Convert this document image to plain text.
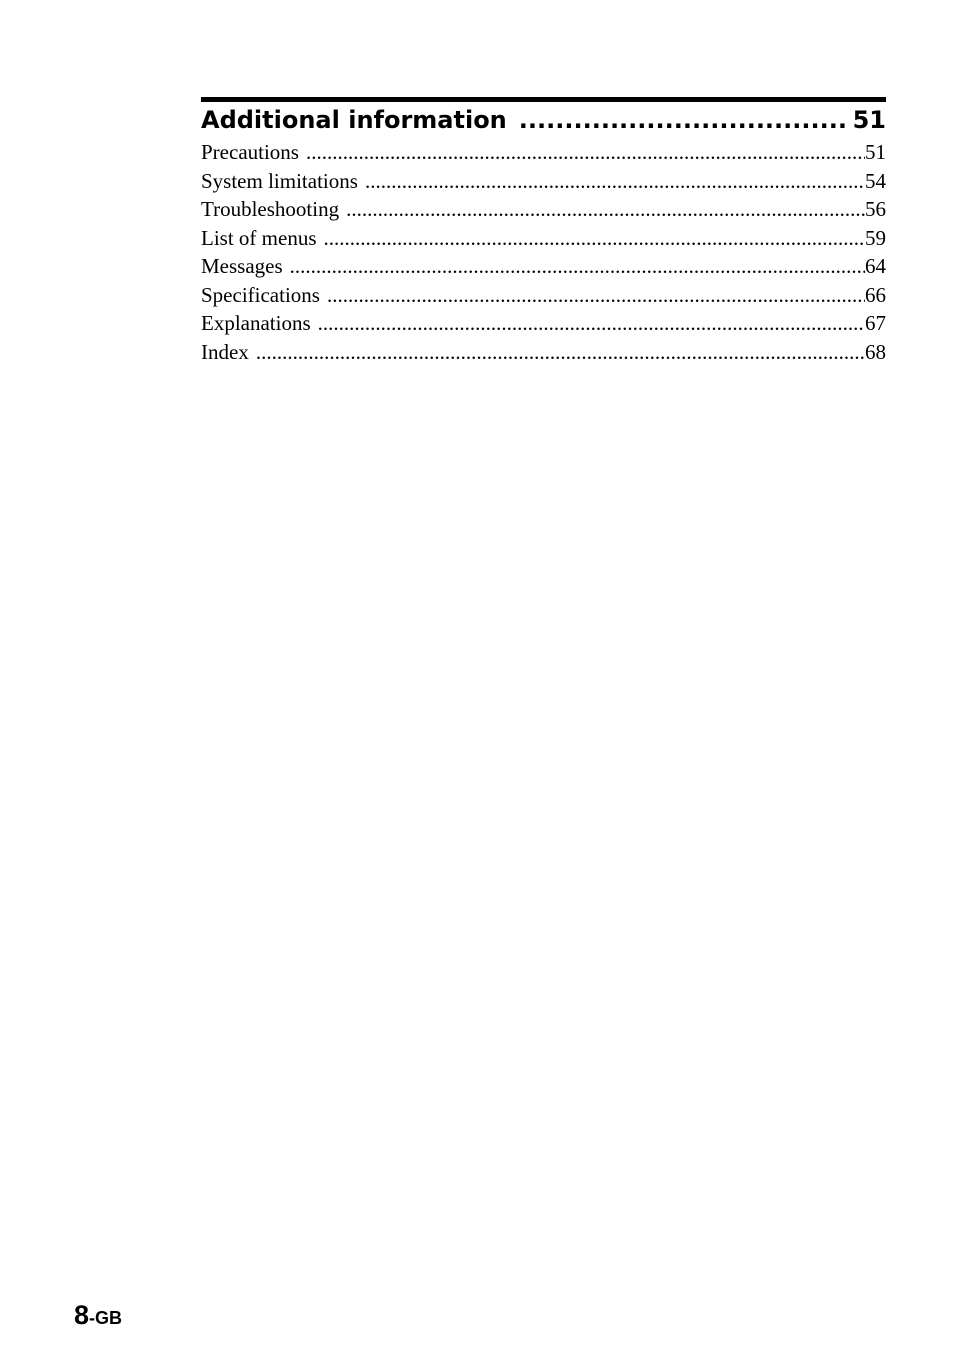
Additional information .....	51
Precautions .....	51
System limitations .....	54
Troubleshooting .....	56
List of menus .....	59
Messages .....	64
Specifications .....	66
Explanations .....	67
Index .....	68
8-GB
